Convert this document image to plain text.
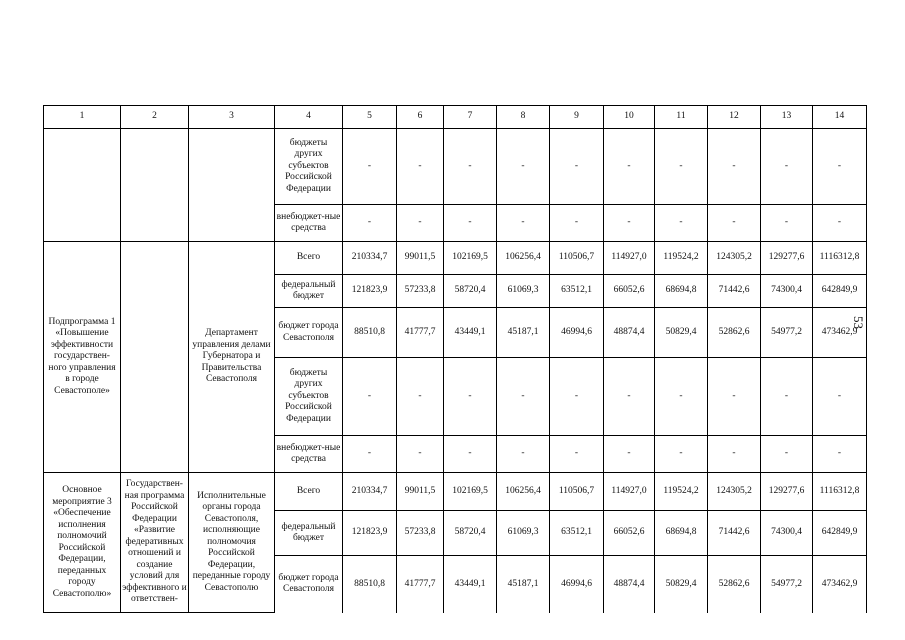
1	2	3	4	5	6	7	8	9	10	11	12	13	14
			бюджеты других субъектов Российской Федерации	-	-	-	-	-	-	-	-	-	-
			внебюджет-ные средства	-	-	-	-	-	-	-	-	-	-
Подпрограмма 1 «Повышение эффективности государствен-ного управления в городе Севастополе»		Департамент управления делами Губернатора и Правительства Севастополя	Всего	210334,7	99011,5	102169,5	106256,4	110506,7	114927,0	119524,2	124305,2	129277,6	1116312,8
			федеральный бюджет	121823,9	57233,8	58720,4	61069,3	63512,1	66052,6	68694,8	71442,6	74300,4	642849,9
			бюджет города Севастополя	88510,8	41777,7	43449,1	45187,1	46994,6	48874,4	50829,4	52862,6	54977,2	473462,9
			бюджеты других субъектов Российской Федерации	-	-	-	-	-	-	-	-	-	-
			внебюджет-ные средства	-	-	-	-	-	-	-	-	-	-
Основное мероприятие 3 «Обеспечение исполнения полномочий Российской Федерации, переданных городу Севастополю»	Государствен-ная программа Российской Федерации «Развитие федеративных отношений и создание условий для эффективного и ответствен-	Исполнительные органы города Севастополя, исполняющие полномочия Российской Федерации, переданные городу Севастополю	Всего	210334,7	99011,5	102169,5	106256,4	110506,7	114927,0	119524,2	124305,2	129277,6	1116312,8
			федеральный бюджет	121823,9	57233,8	58720,4	61069,3	63512,1	66052,6	68694,8	71442,6	74300,4	642849,9
			бюджет города Севастополя	88510,8	41777,7	43449,1	45187,1	46994,6	48874,4	50829,4	52862,6	54977,2	473462,9
53
